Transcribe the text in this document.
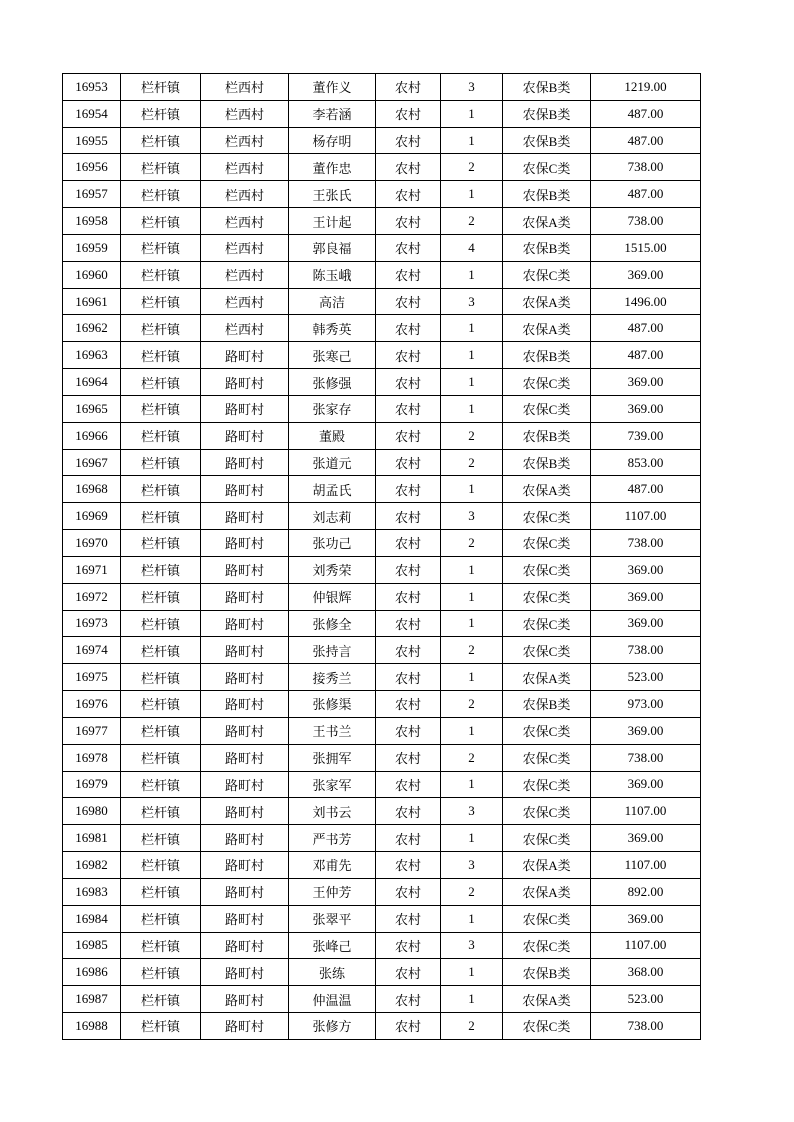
16953	栏杆镇	栏西村	董作义	农村	3	农保B类	1219.00
16954	栏杆镇	栏西村	李若涵	农村	1	农保B类	487.00
16955	栏杆镇	栏西村	杨存明	农村	1	农保B类	487.00
16956	栏杆镇	栏西村	董作忠	农村	2	农保C类	738.00
16957	栏杆镇	栏西村	王张氏	农村	1	农保B类	487.00
16958	栏杆镇	栏西村	王计起	农村	2	农保A类	738.00
16959	栏杆镇	栏西村	郭良福	农村	4	农保B类	1515.00
16960	栏杆镇	栏西村	陈玉峨	农村	1	农保C类	369.00
16961	栏杆镇	栏西村	高洁	农村	3	农保A类	1496.00
16962	栏杆镇	栏西村	韩秀英	农村	1	农保A类	487.00
16963	栏杆镇	路町村	张寒己	农村	1	农保B类	487.00
16964	栏杆镇	路町村	张修强	农村	1	农保C类	369.00
16965	栏杆镇	路町村	张家存	农村	1	农保C类	369.00
16966	栏杆镇	路町村	董殿	农村	2	农保B类	739.00
16967	栏杆镇	路町村	张道元	农村	2	农保B类	853.00
16968	栏杆镇	路町村	胡孟氏	农村	1	农保A类	487.00
16969	栏杆镇	路町村	刘志莉	农村	3	农保C类	1107.00
16970	栏杆镇	路町村	张功己	农村	2	农保C类	738.00
16971	栏杆镇	路町村	刘秀荣	农村	1	农保C类	369.00
16972	栏杆镇	路町村	仲银辉	农村	1	农保C类	369.00
16973	栏杆镇	路町村	张修全	农村	1	农保C类	369.00
16974	栏杆镇	路町村	张持言	农村	2	农保C类	738.00
16975	栏杆镇	路町村	接秀兰	农村	1	农保A类	523.00
16976	栏杆镇	路町村	张修渠	农村	2	农保B类	973.00
16977	栏杆镇	路町村	王书兰	农村	1	农保C类	369.00
16978	栏杆镇	路町村	张拥军	农村	2	农保C类	738.00
16979	栏杆镇	路町村	张家军	农村	1	农保C类	369.00
16980	栏杆镇	路町村	刘书云	农村	3	农保C类	1107.00
16981	栏杆镇	路町村	严书芳	农村	1	农保C类	369.00
16982	栏杆镇	路町村	邓甫先	农村	3	农保A类	1107.00
16983	栏杆镇	路町村	王仲芳	农村	2	农保A类	892.00
16984	栏杆镇	路町村	张翠平	农村	1	农保C类	369.00
16985	栏杆镇	路町村	张峰己	农村	3	农保C类	1107.00
16986	栏杆镇	路町村	张练	农村	1	农保B类	368.00
16987	栏杆镇	路町村	仲温温	农村	1	农保A类	523.00
16988	栏杆镇	路町村	张修方	农村	2	农保C类	738.00
